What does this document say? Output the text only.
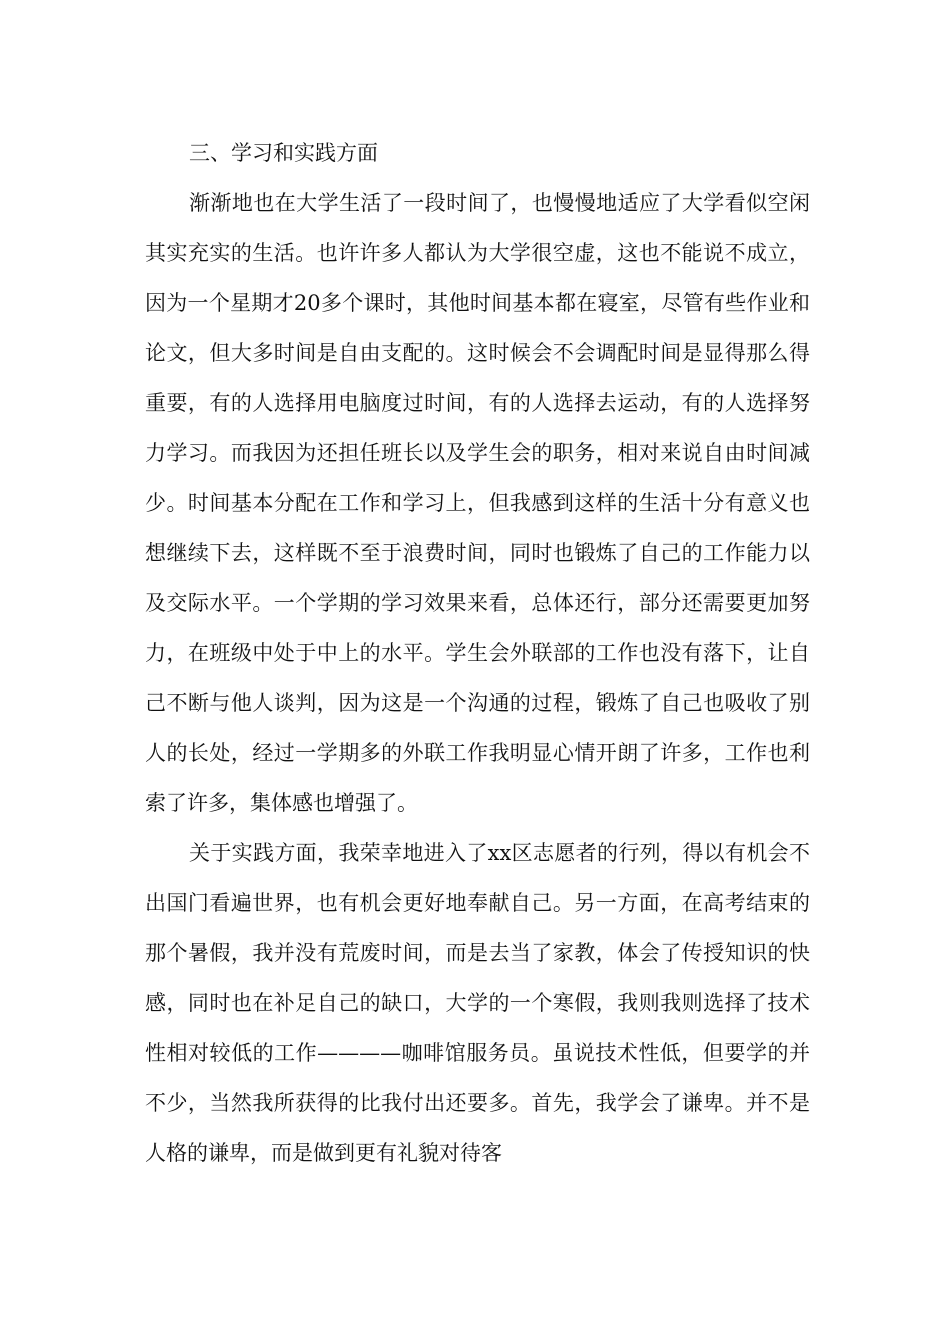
三、学习和实践方面

渐渐地也在大学生活了一段时间了，也慢慢地适应了大学看似空闲其实充实的生活。也许许多人都认为大学很空虚，这也不能说不成立，因为一个星期才20多个课时，其他时间基本都在寝室，尽管有些作业和论文，但大多时间是自由支配的。这时候会不会调配时间是显得那么得重要，有的人选择用电脑度过时间，有的人选择去运动，有的人选择努力学习。而我因为还担任班长以及学生会的职务，相对来说自由时间减少。时间基本分配在工作和学习上，但我感到这样的生活十分有意义也想继续下去，这样既不至于浪费时间，同时也锻炼了自己的工作能力以及交际水平。一个学期的学习效果来看，总体还行，部分还需要更加努力，在班级中处于中上的水平。学生会外联部的工作也没有落下，让自己不断与他人谈判，因为这是一个沟通的过程，锻炼了自己也吸收了别人的长处，经过一学期多的外联工作我明显心情开朗了许多，工作也利索了许多，集体感也增强了。

关于实践方面，我荣幸地进入了xx区志愿者的行列，得以有机会不出国门看遍世界，也有机会更好地奉献自己。另一方面，在高考结束的那个暑假，我并没有荒废时间，而是去当了家教，体会了传授知识的快感，同时也在补足自己的缺口，大学的一个寒假，我则我则选择了技术性相对较低的工作————咖啡馆服务员。虽说技术性低，但要学的并不少，当然我所获得的比我付出还要多。首先，我学会了谦卑。并不是人格的谦卑，而是做到更有礼貌对待客
